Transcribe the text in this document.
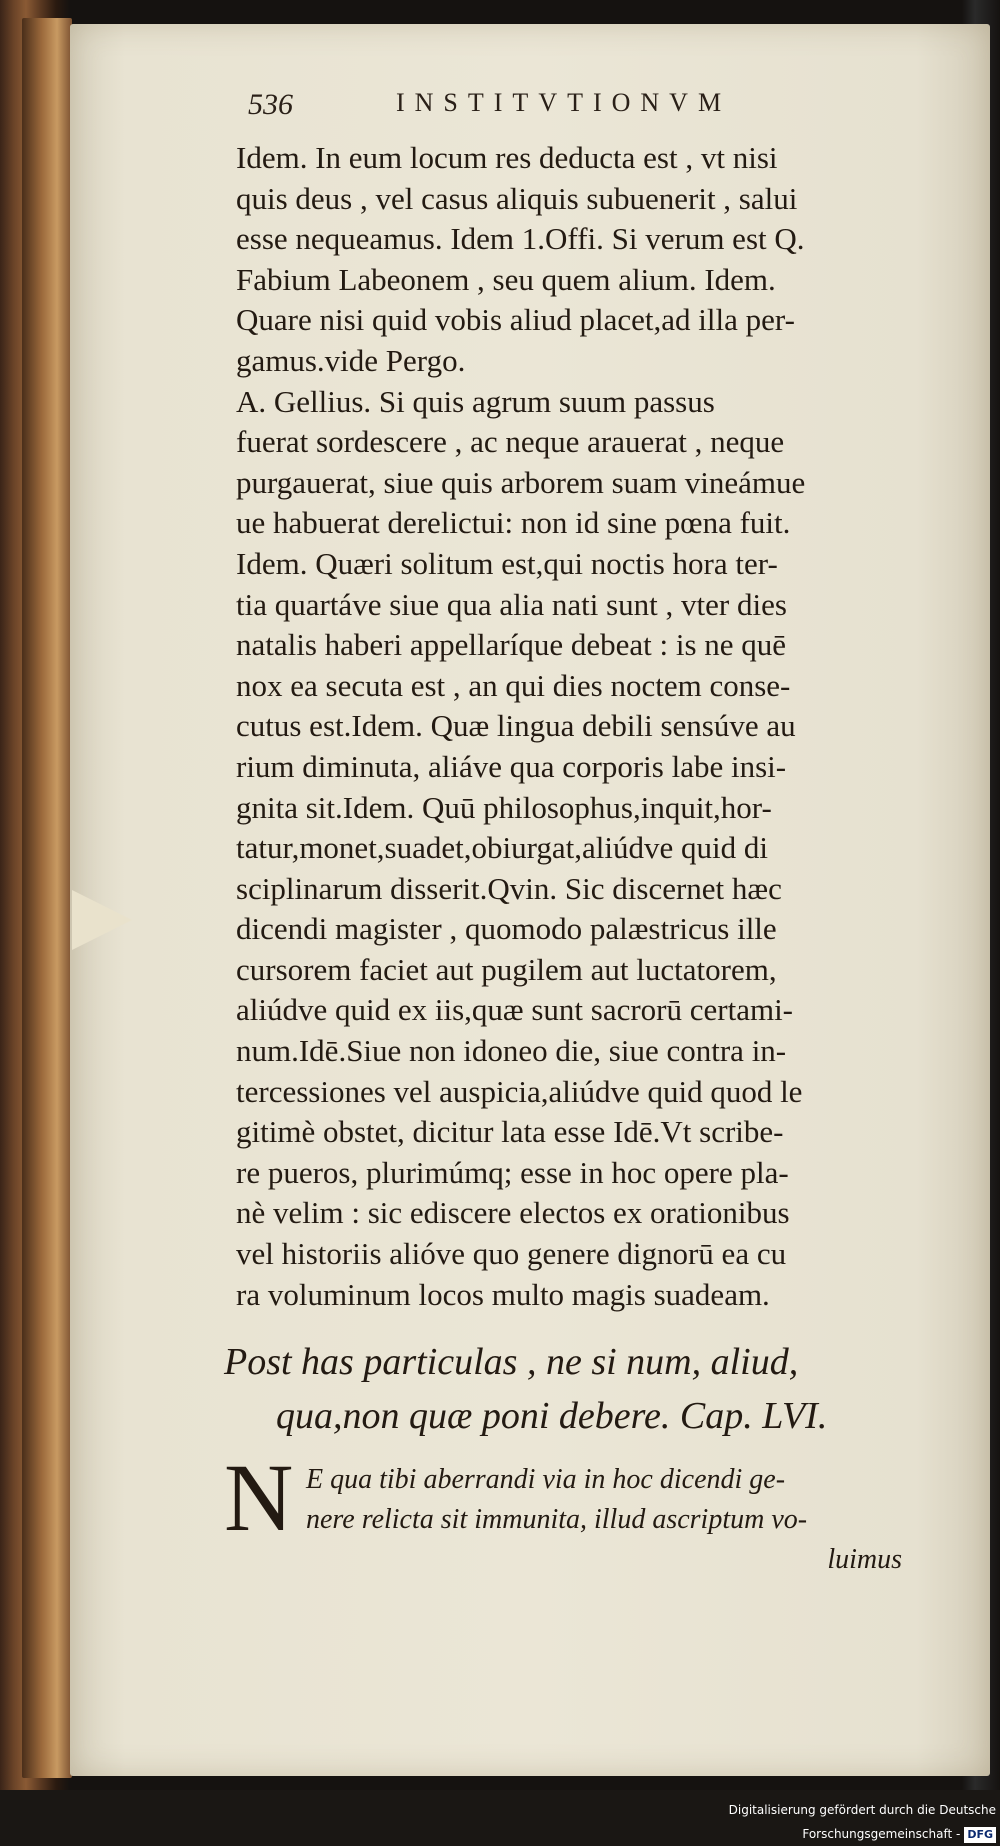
536	INSTITVTIONVM
Idem. In eum locum res deducta est , vt nisi
quis deus , vel casus aliquis subuenerit , salui
esse nequeamus. Idem 1.Offi. Si verum est Q.
Fabium Labeonem , seu quem alium. Idem.
Quare nisi quid vobis aliud placet,ad illa per-
gamus.vide Pergo.
A. Gellius. Si quis agrum suum passus
fuerat sordescere , ac neque arauerat , neque
purgauerat, siue quis arborem suam vineámue
ue habuerat derelictui: non id sine pœna fuit.
Idem. Quæri solitum est,qui noctis hora ter-
tia quartáve siue qua alia nati sunt , vter dies
natalis haberi appellaríque debeat : is ne quē
nox ea secuta est , an qui dies noctem conse-
cutus est.Idem. Quæ lingua debili sensúve au
rium diminuta, aliáve qua corporis labe insi-
gnita sit.Idem. Quū philosophus,inquit,hor-
tatur,monet,suadet,obiurgat,aliúdve quid di
sciplinarum disserit.Qvin. Sic discernet hæc
dicendi magister , quomodo palæstricus ille
cursorem faciet aut pugilem aut luctatorem,
aliúdve quid ex iis,quæ sunt sacrorū certami-
num.Idē.Siue non idoneo die, siue contra in-
tercessiones vel auspicia,aliúdve quid quod le
gitimè obstet, dicitur lata esse Idē.Vt scribe-
re pueros, plurimúmq; esse in hoc opere pla-
nè velim : sic ediscere electos ex orationibus
vel historiis alióve quo genere dignorū ea cu
ra voluminum locos multo magis suadeam.
Post has particulas , ne si num, aliud,
qua,non quæ poni debere. Cap. LVI.
N E qua tibi aberrandi via in hoc dicendi ge-
nere relicta sit immunita, illud ascriptum vo-
luimus
Digitalisierung gefördert durch die Deutsche Forschungsgemeinschaft - DFG
